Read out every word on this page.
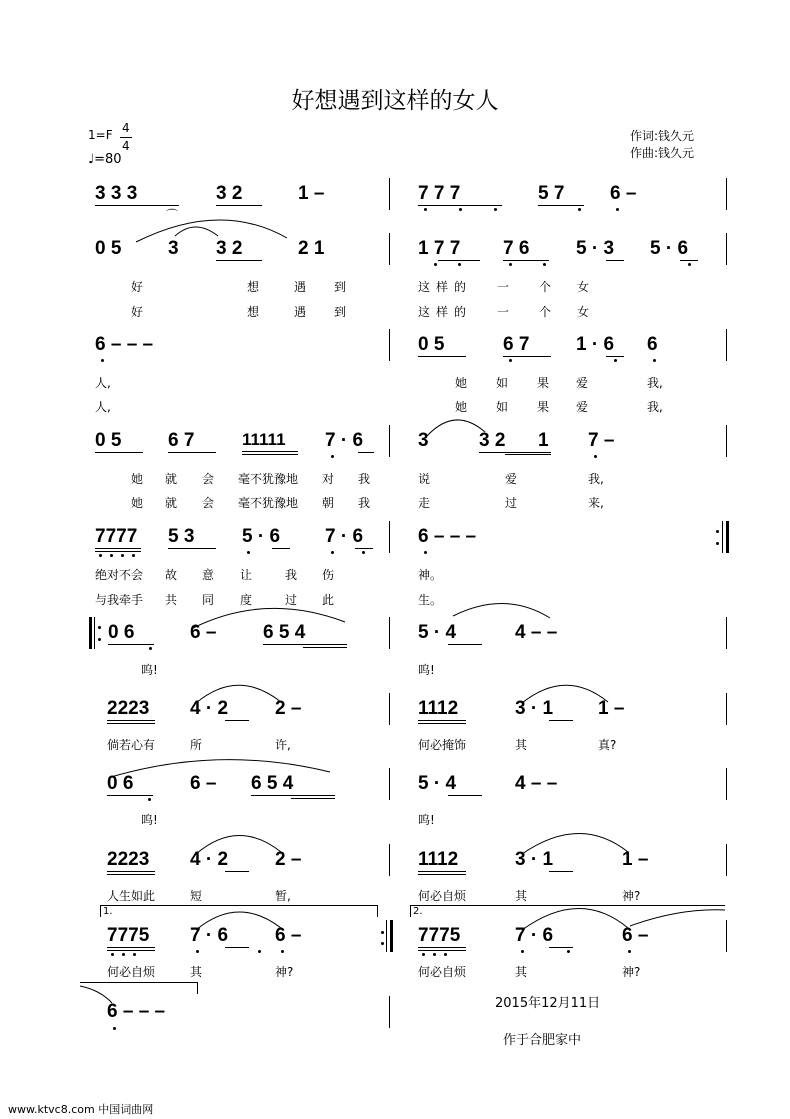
好想遇到这样的女人
1=F 4
4
♩=80
作词:钱久元
作曲:钱久元
3 3 3	3 2	1 –	7 7 7	5 7 6 –
⌒
0 5 3 3 2	2 1	1 7 7 7 6 5 · 3 5 · 6
好	想	遇 到	这样的 一 个 女
好	想	遇 到	这样的 一 个 女
6 – – –	0 5	6 7 1 · 6 6
人,	她 如 果 爱	我,
人,	她 如 果 爱	我,
0 5 6 7	11111 7 · 6	3	3 2 1 7 –
她 就 会 毫不犹豫地 对 我	说	爱	我,
她 就 会 毫不犹豫地 朝 我	走	过	来,
7777 5 3	5 · 6 7 · 6	6 – – –
绝对不会 故 意 让	我 伤	神。
与我牵手 共 同 度	过 此	生。
0 6	6 – 6 5 4	5 · 4	4 – –
呜!	呜!
2223 4 · 2 2 –	1112	3 · 1 1 –
倘若心有	所	许,	何必掩饰	其	真?
0 6	6 – 6 5 4	5 · 4	4 – –
呜!	呜!
2223 4 · 2 2 –	1112	3 · 1	1 –
人生如此	短	暂,	何必自烦	其	神?
1.	2.
7775 7 · 6 6 –	7775	7 · 6	6 –
何必自烦	其	神?	何必自烦	其	神?
6 – – –	2015年12月11日
作于合肥家中
www.ktvc8.com 中国词曲网
